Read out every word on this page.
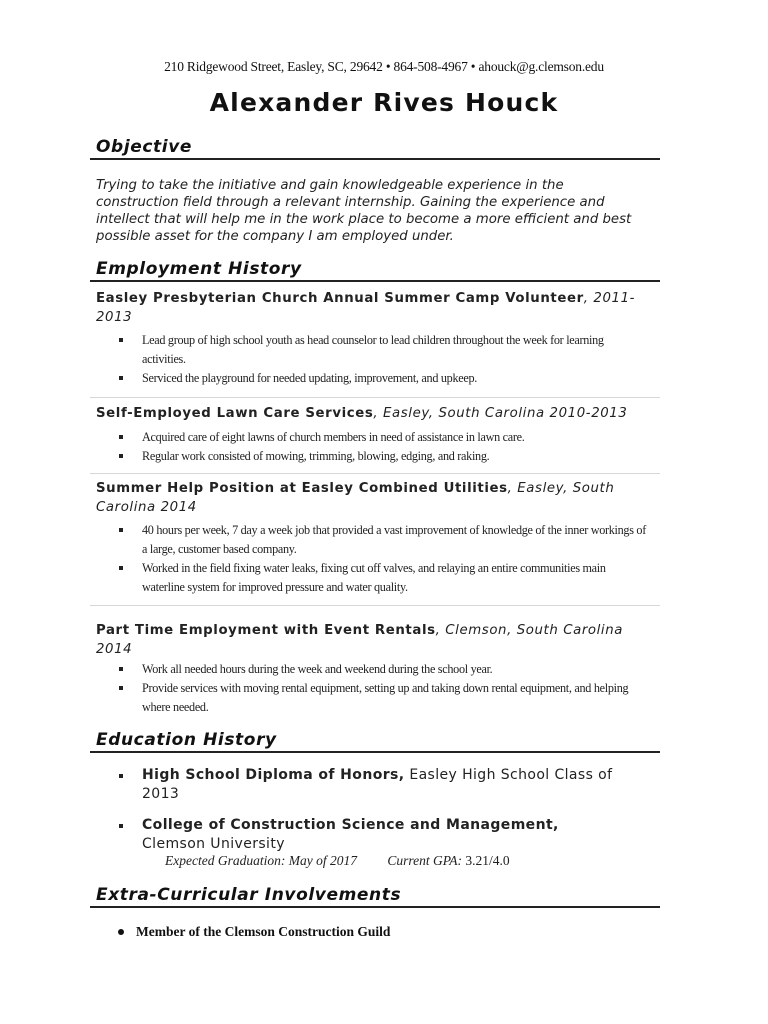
210 Ridgewood Street, Easley, SC, 29642 • 864-508-4967 • ahouck@g.clemson.edu
Alexander Rives Houck
Objective
Trying to take the initiative and gain knowledgeable experience in the construction field through a relevant internship. Gaining the experience and intellect that will help me in the work place to become a more efficient and best possible asset for the company I am employed under.
Employment History
Easley Presbyterian Church Annual Summer Camp Volunteer, 2011-2013
Lead group of high school youth as head counselor to lead children throughout the week for learning activities.
Serviced the playground for needed updating, improvement, and upkeep.
Self-Employed Lawn Care Services, Easley, South Carolina 2010-2013
Acquired care of eight lawns of church members in need of assistance in lawn care.
Regular work consisted of mowing, trimming, blowing, edging, and raking.
Summer Help Position at Easley Combined Utilities, Easley, South Carolina 2014
40 hours per week, 7 day a week job that provided a vast improvement of knowledge of the inner workings of a large, customer based company.
Worked in the field fixing water leaks, fixing cut off valves, and relaying an entire communities main waterline system for improved pressure and water quality.
Part Time Employment with Event Rentals, Clemson, South Carolina 2014
Work all needed hours during the week and weekend during the school year.
Provide services with moving rental equipment, setting up and taking down rental equipment, and helping where needed.
Education History
High School Diploma of Honors, Easley High School Class of 2013
College of Construction Science and Management,
Clemson University
Expected Graduation: May of 2017 Current GPA: 3.21/4.0
Extra-Curricular Involvements
Member of the Clemson Construction Guild
